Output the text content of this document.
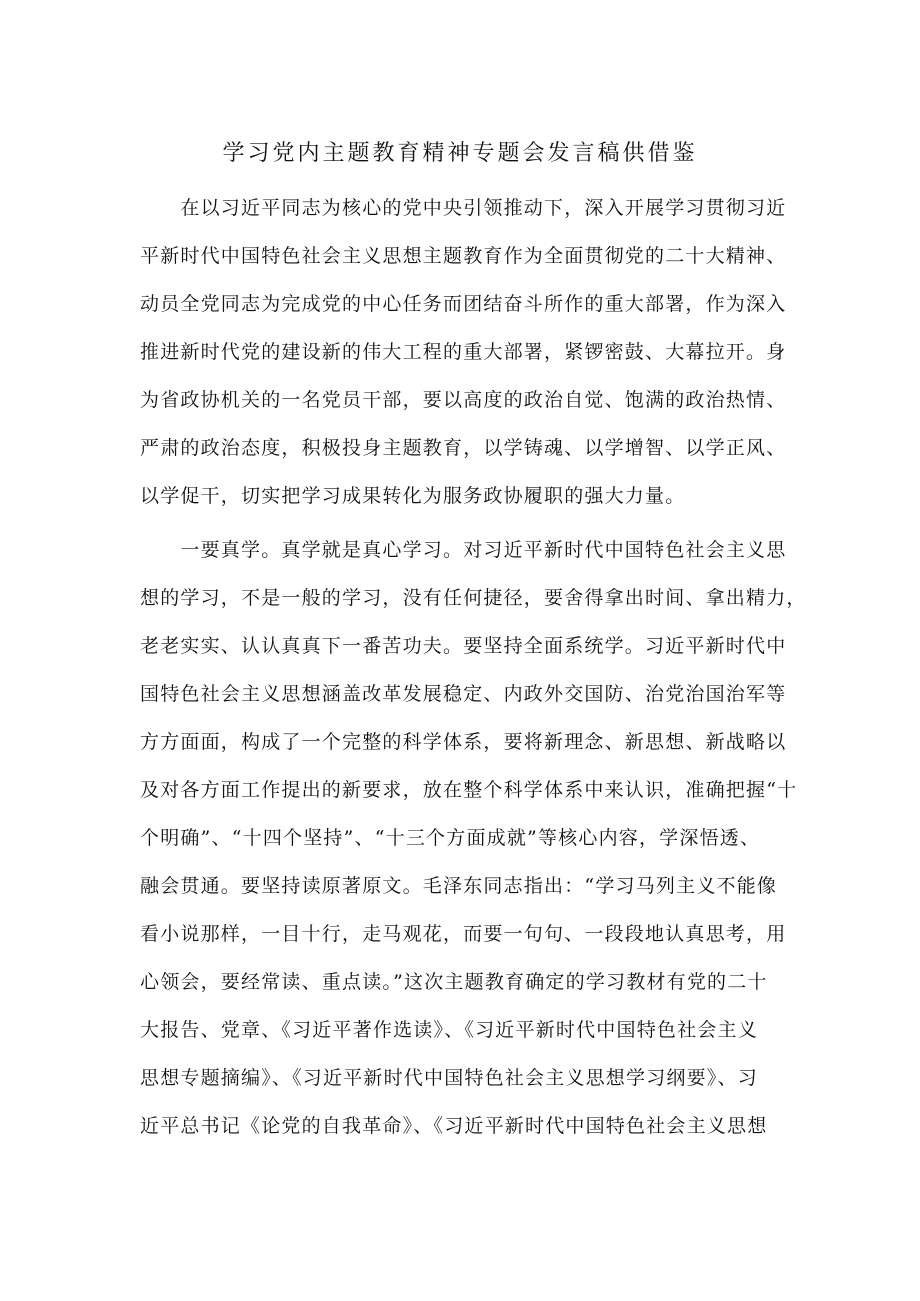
学习党内主题教育精神专题会发言稿供借鉴
　　在以习近平同志为核心的党中央引领推动下，深入开展学习贯彻习近
平新时代中国特色社会主义思想主题教育作为全面贯彻党的二十大精神、
动员全党同志为完成党的中心任务而团结奋斗所作的重大部署，作为深入
推进新时代党的建设新的伟大工程的重大部署，紧锣密鼓、大幕拉开。身
为省政协机关的一名党员干部，要以高度的政治自觉、饱满的政治热情、
严肃的政治态度，积极投身主题教育，以学铸魂、以学增智、以学正风、
以学促干，切实把学习成果转化为服务政协履职的强大力量。
　　一要真学。真学就是真心学习。对习近平新时代中国特色社会主义思
想的学习，不是一般的学习，没有任何捷径，要舍得拿出时间、拿出精力，
老老实实、认认真真下一番苦功夫。要坚持全面系统学。习近平新时代中
国特色社会主义思想涵盖改革发展稳定、内政外交国防、治党治国治军等
方方面面，构成了一个完整的科学体系，要将新理念、新思想、新战略以
及对各方面工作提出的新要求，放在整个科学体系中来认识，准确把握“十
个明确”、“十四个坚持”、“十三个方面成就”等核心内容，学深悟透、
融会贯通。要坚持读原著原文。毛泽东同志指出：“学习马列主义不能像
看小说那样，一目十行，走马观花，而要一句句、一段段地认真思考，用
心领会，要经常读、重点读。”这次主题教育确定的学习教材有党的二十
大报告、党章、《习近平著作选读》、《习近平新时代中国特色社会主义
思想专题摘编》、《习近平新时代中国特色社会主义思想学习纲要》、习
近平总书记《论党的自我革命》、《习近平新时代中国特色社会主义思想
